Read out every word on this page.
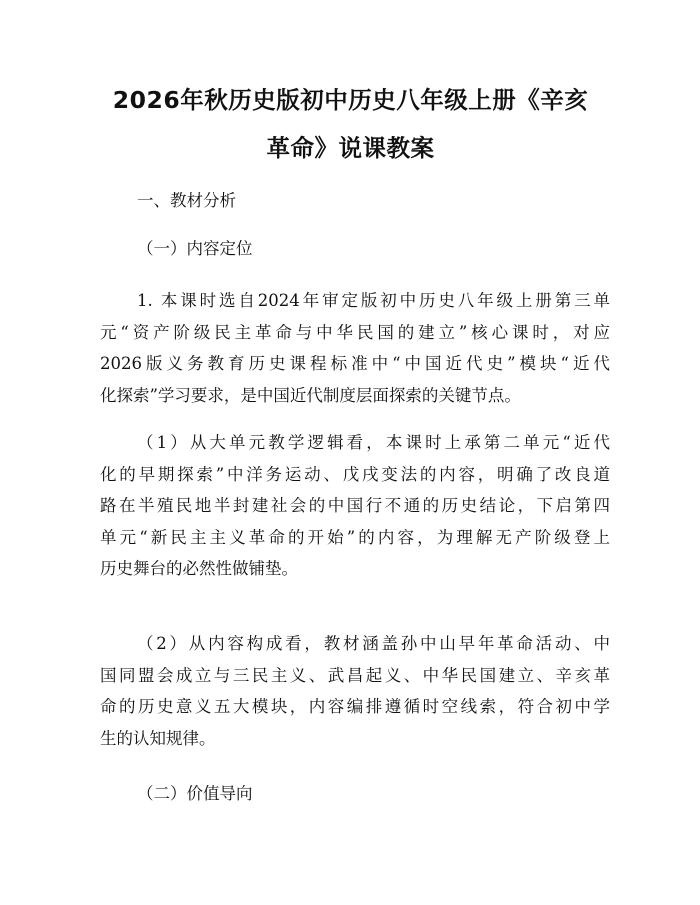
2026年秋历史版初中历史八年级上册《辛亥
革命》说课教案
一、教材分析
（一）内容定位
1. 本课时选自2024年审定版初中历史八年级上册第三单
元“资产阶级民主革命与中华民国的建立”核心课时，对应
2026版义务教育历史课程标准中“中国近代史”模块“近代
化探索”学习要求，是中国近代制度层面探索的关键节点。
（1）从大单元教学逻辑看，本课时上承第二单元“近代
化的早期探索”中洋务运动、戊戌变法的内容，明确了改良道
路在半殖民地半封建社会的中国行不通的历史结论，下启第四
单元“新民主主义革命的开始”的内容，为理解无产阶级登上
历史舞台的必然性做铺垫。
（2）从内容构成看，教材涵盖孙中山早年革命活动、中
国同盟会成立与三民主义、武昌起义、中华民国建立、辛亥革
命的历史意义五大模块，内容编排遵循时空线索，符合初中学
生的认知规律。
（二）价值导向
